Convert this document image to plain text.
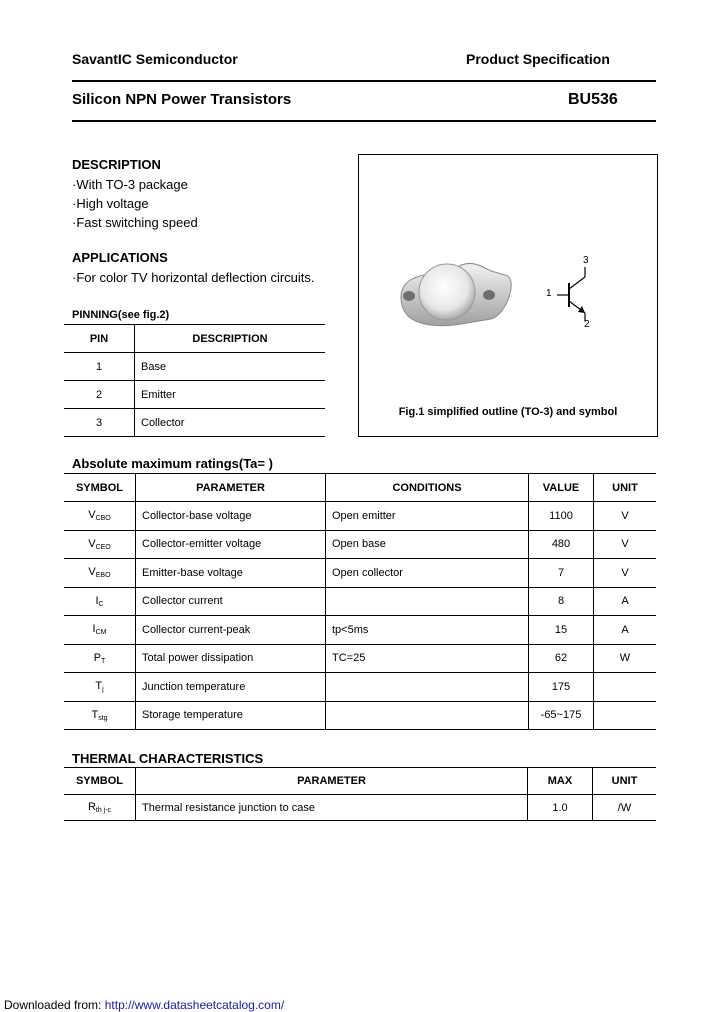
SavantIC Semiconductor	Product Specification
Silicon NPN Power Transistors	BU536
DESCRIPTION
·With TO-3 package
·High voltage
·Fast switching speed
APPLICATIONS
·For color TV horizontal deflection circuits.
PINNING(see fig.2)
PIN	DESCRIPTION
1	Base
2	Emitter
3	Collector
1
2
3
Fig.1 simplified outline (TO-3) and symbol
Absolute maximum ratings(Ta= )
SYMBOL	PARAMETER	CONDITIONS	VALUE	UNIT
$V_{CBO}$	Collector-base voltage	Open emitter	1100	V
$V_{CEO}$	Collector-emitter voltage	Open base	480	V
$V_{EBO}$	Emitter-base voltage	Open collector	7	V
$I_C$	Collector current		8	A
$I_{CM}$	Collector current-peak	tp<5ms	15	A
$P_T$	Total power dissipation	TC=25	62	W
$T_j$	Junction temperature		175	
$T_{stg}$	Storage temperature		-65~175	
THERMAL CHARACTERISTICS
SYMBOL	PARAMETER	MAX	UNIT
$R_{th j-c}$	Thermal resistance junction to case	1.0	/W
Downloaded from: http://www.datasheetcatalog.com/
